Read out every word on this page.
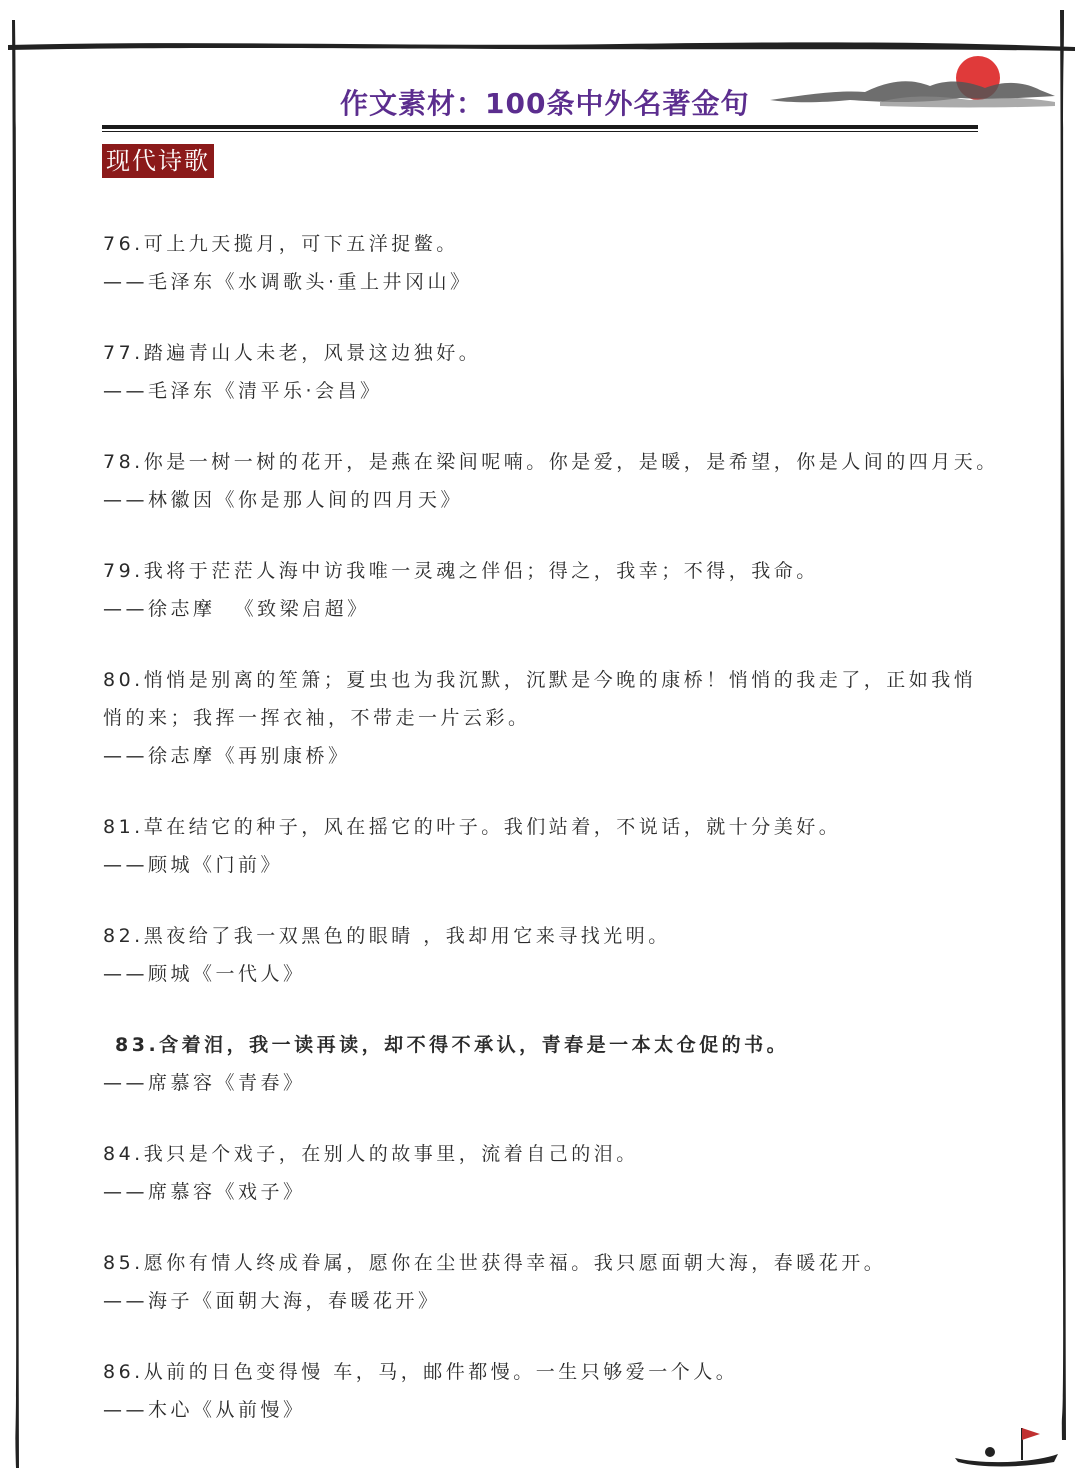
作文素材：100条中外名著金句
现代诗歌
76.可上九天揽月，可下五洋捉鳖。
——毛泽东《水调歌头·重上井冈山》
77.踏遍青山人未老，风景这边独好。
——毛泽东《清平乐·会昌》
78.你是一树一树的花开，是燕在梁间呢喃。你是爱，是暖，是希望，你是人间的四月天。
——林徽因《你是那人间的四月天》
79.我将于茫茫人海中访我唯一灵魂之伴侣；得之，我幸；不得，我命。
——徐志摩  《致梁启超》
80.悄悄是别离的笙箫；夏虫也为我沉默，沉默是今晚的康桥！悄悄的我走了，正如我悄
悄的来；我挥一挥衣袖，不带走一片云彩。
——徐志摩《再别康桥》
81.草在结它的种子，风在摇它的叶子。我们站着，不说话，就十分美好。
——顾城《门前》
82.黑夜给了我一双黑色的眼睛 ，我却用它来寻找光明。
——顾城《一代人》
83.含着泪，我一读再读，却不得不承认，青春是一本太仓促的书。
——席慕容《青春》
84.我只是个戏子，在别人的故事里，流着自己的泪。
——席慕容《戏子》
85.愿你有情人终成眷属，愿你在尘世获得幸福。我只愿面朝大海，春暖花开。
——海子《面朝大海，春暖花开》
86.从前的日色变得慢 车，马，邮件都慢。一生只够爱一个人。
——木心《从前慢》
